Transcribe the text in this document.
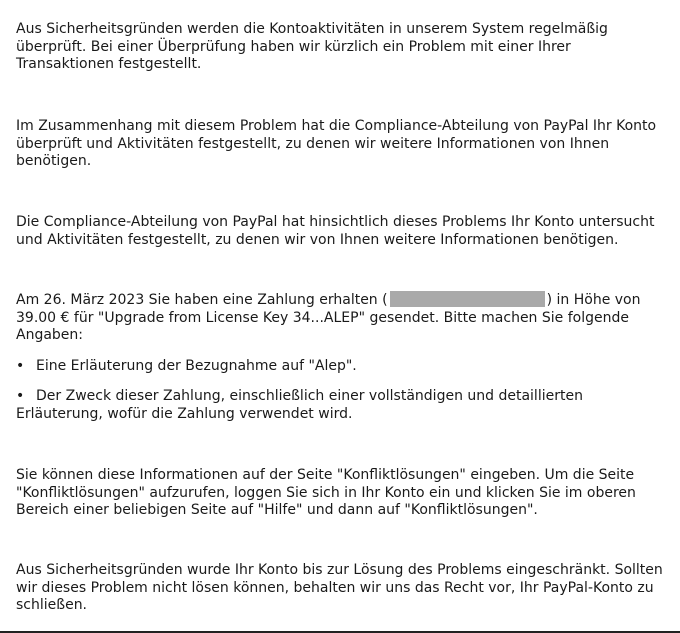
Aus Sicherheitsgründen werden die Kontoaktivitäten in unserem System regelmäßig überprüft. Bei einer Überprüfung haben wir kürzlich ein Problem mit einer Ihrer Transaktionen festgestellt.

Im Zusammenhang mit diesem Problem hat die Compliance-Abteilung von PayPal Ihr Konto überprüft und Aktivitäten festgestellt, zu denen wir weitere Informationen von Ihnen benötigen.

Die Compliance-Abteilung von PayPal hat hinsichtlich dieses Problems Ihr Konto untersucht und Aktivitäten festgestellt, zu denen wir von Ihnen weitere Informationen benötigen.

Am 26. März 2023 Sie haben eine Zahlung erhalten (	) in Höhe von 39.00 € für "Upgrade from License Key 34...ALEP" gesendet. Bitte machen Sie folgende Angaben:

• Eine Erläuterung der Bezugnahme auf "Alep".

• Der Zweck dieser Zahlung, einschließlich einer vollständigen und detaillierten Erläuterung, wofür die Zahlung verwendet wird.

Sie können diese Informationen auf der Seite "Konfliktlösungen" eingeben. Um die Seite "Konfliktlösungen" aufzurufen, loggen Sie sich in Ihr Konto ein und klicken Sie im oberen Bereich einer beliebigen Seite auf "Hilfe" und dann auf "Konfliktlösungen".

Aus Sicherheitsgründen wurde Ihr Konto bis zur Lösung des Problems eingeschränkt. Sollten wir dieses Problem nicht lösen können, behalten wir uns das Recht vor, Ihr PayPal-Konto zu schließen.
